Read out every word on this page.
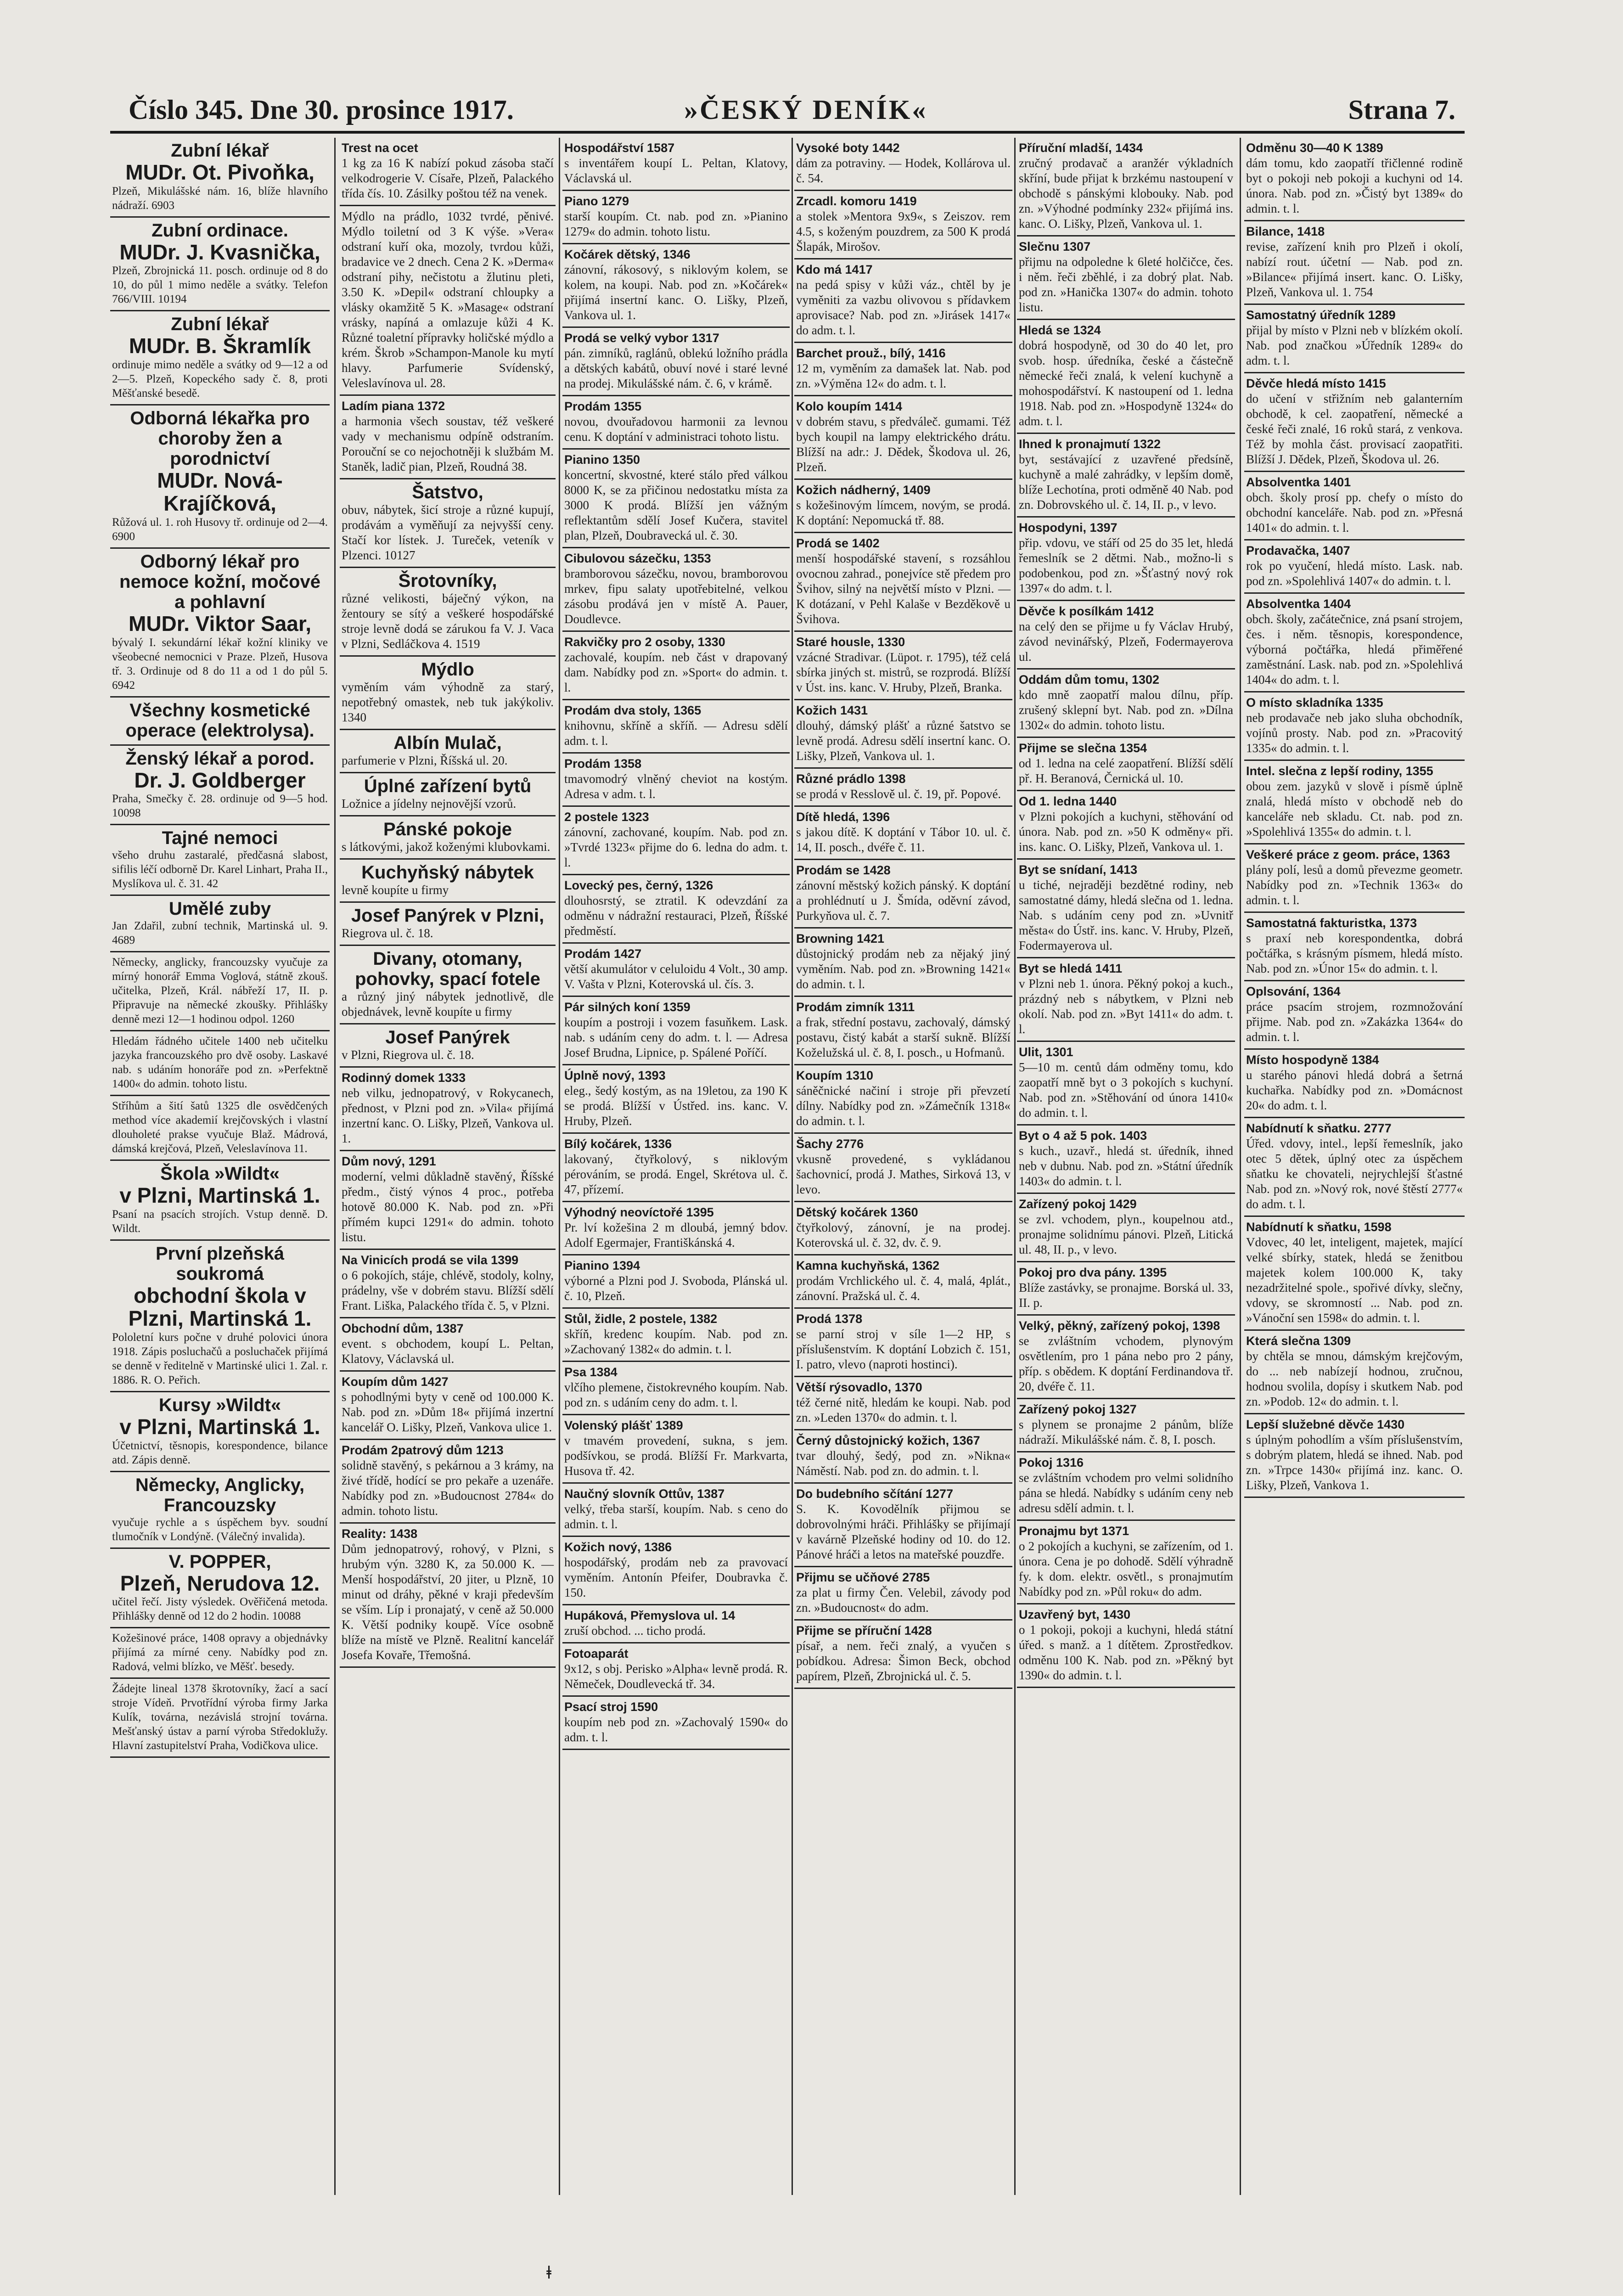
Číslo 345. Dne 30. prosince 1917.	»ČESKÝ DENÍK«	Strana 7.
Zubní lékař
MUDr. Ot. Pivoňka,
Plzeň, Mikulášské nám. 16, blíže hlavního nádraží. 6903
Zubní ordinace.
MUDr. J. Kvasnička,
Plzeň, Zbrojnická 11. posch. ordinuje od 8 do 10, do půl 1 mimo neděle a svátky. Telefon 766/VIII. 10194
Zubní lékař
MUDr. B. Škramlík
ordinuje mimo neděle a svátky od 9—12 a od 2—5. Plzeň, Kopeckého sady č. 8, proti Měšťanské besedě.
Odborná lékařka pro choroby žen a porodnictví
MUDr. Nová-Krajíčková,
Růžová ul. 1. roh Husovy tř. ordinuje od 2—4. 6900
Odborný lékař pro nemoce kožní, močové a pohlavní
MUDr. Viktor Saar,
bývalý I. sekundární lékař kožní kliniky ve všeobecné nemocnici v Praze. Plzeň, Husova tř. 3. Ordinuje od 8 do 11 a od 1 do půl 5. 6942
Všechny kosmetické operace (elektrolysa).
Ženský lékař a porod.
Dr. J. Goldberger
Praha, Smečky č. 28. ordinuje od 9—5 hod. 10098
Tajné nemoci
všeho druhu zastaralé, předčasná slabost, sifilis léčí odborně Dr. Karel Linhart, Praha II., Myslíkova ul. č. 31. 42
Umělé zuby
Jan Zdařil, zubní technik, Martinská ul. 9. 4689
Německy, anglicky, francouzsky vyučuje za mírný honorář Emma Voglová, státně zkouš. učitelka, Plzeň, Král. nábřeží 17, II. p. Připravuje na německé zkoušky. Přihlášky denně mezi 12—1 hodinou odpol. 1260
Hledám řádného učitele 1400 neb učitelku jazyka francouzského pro dvě osoby. Laskavé nab. s udáním honoráře pod zn. »Perfektně 1400« do admin. tohoto listu.
Stříhům a šití šatů 1325 dle osvědčených method více akademií krejčovských i vlastní dlouholeté prakse vyučuje Blaž. Mádrová, dámská krejčová, Plzeň, Veleslavínova 11.
Škola »Wildt«
v Plzni, Martinská 1.
Psaní na psacích strojích. Vstup denně. D. Wildt.
První plzeňská soukromá
obchodní škola v Plzni, Martinská 1.
Pololetní kurs počne v druhé polovici února 1918. Zápis posluchačů a posluchaček přijímá se denně v ředitelně v Martinské ulici 1. Zal. r. 1886. R. O. Peřich.
Kursy »Wildt«
v Plzni, Martinská 1.
Účetnictví, těsnopis, korespondence, bilance atd. Zápis denně.
Německy, Anglicky, Francouzsky
vyučuje rychle a s úspěchem byv. soudní tlumočník v Londýně. (Válečný invalida).
V. POPPER,
Plzeň, Nerudova 12.
učitel řečí. Jisty výsledek. Ověřičená metoda. Přihlášky denně od 12 do 2 hodin. 10088
Kožešinové práce, 1408 opravy a objednávky přijímá za mírné ceny. Nabídky pod zn. Radová, velmi blízko, ve Měšť. besedy.
Žádejte lineal 1378 škrotovníky, žací a sací stroje Vídeň. Prvotřídní výroba firmy Jarka Kulík, továrna, nezávislá strojní továrna. Mešťanský ústav a parní výroba Středoklužy. Hlavní zastupitelství Praha, Vodičkova ulice.
Trest na ocet
1 kg za 16 K nabízí pokud zásoba stačí velkodrogerie V. Císaře, Plzeň, Palackého třída čís. 10. Zásilky poštou též na venek.
Mýdlo na prádlo, 1032 tvrdé, pěnivé. Mýdlo toiletní od 3 K výše. »Vera« odstraní kuří oka, mozoly, tvrdou kůži, bradavice ve 2 dnech. Cena 2 K. »Derma« odstraní pihy, nečistotu a žlutinu pleti, 3.50 K. »Depil« odstraní chloupky a vlásky okamžitě 5 K. »Masage« odstraní vrásky, napíná a omlazuje kůži 4 K. Různé toaletní přípravky holičské mýdlo a krém. Škrob »Schampon-Manole ku mytí hlavy. Parfumerie Svídenský, Veleslavínova ul. 28.
Ladím piana 1372
a harmonia všech soustav, též veškeré vady v mechanismu odpíně odstraním. Porouční se co nejochotněji k službám M. Staněk, ladič pian, Plzeň, Roudná 38.
Šatstvo,
obuv, nábytek, šicí stroje a různé kupují, prodávám a vyměňují za nejvyšší ceny. Stačí kor lístek. J. Tureček, veteník v Plzenci. 10127
Šrotovníky,
různé velikosti, báječný výkon, na žentoury se sítý a veškeré hospodářské stroje levně dodá se zárukou fa V. J. Vaca v Plzni, Sedláčkova 4. 1519
Mýdlo
vyměním vám výhodně za starý, nepotřebný omastek, neb tuk jakýkoliv. 1340
Albín Mulač,
parfumerie v Plzni, Říšská ul. 20.
Úplné zařízení bytů
Ložnice a jídelny nejnovější vzorů.
Pánské pokoje
s látkovými, jakož koženými klubovkami.
Kuchyňský nábytek
levně koupíte u firmy
Josef Panýrek v Plzni,
Riegrova ul. č. 18.
Divany, otomany, pohovky, spací fotele
a různý jiný nábytek jednotlivě, dle objednávek, levně koupíte u firmy
Josef Panýrek
v Plzni, Riegrova ul. č. 18.
Rodinný domek 1333
neb vilku, jednopatrový, v Rokycanech, přednost, v Plzni pod zn. »Vila« přijímá inzertní kanc. O. Lišky, Plzeň, Vankova ul. 1.
Dům nový, 1291
moderní, velmi důkladně stavěný, Říšské předm., čistý výnos 4 proc., potřeba hotově 80.000 K. Nab. pod zn. »Při přímém kupci 1291« do admin. tohoto listu.
Na Vinicích prodá se vila 1399
o 6 pokojích, stáje, chlévě, stodoly, kolny, prádelny, vše v dobrém stavu. Blížší sdělí Frant. Liška, Palackého třída č. 5, v Plzni.
Obchodní dům, 1387
event. s obchodem, koupí L. Peltan, Klatovy, Václavská ul.
Koupím dům 1427
s pohodlnými byty v ceně od 100.000 K. Nab. pod zn. »Dům 18« přijímá inzertní kancelář O. Lišky, Plzeň, Vankova ulice 1.
Prodám 2patrový dům 1213
solidně stavěný, s pekárnou a 3 krámy, na živé třídě, hodící se pro pekaře a uzenáře. Nabídky pod zn. »Budoucnost 2784« do admin. tohoto listu.
Reality: 1438
Dům jednopatrový, rohový, v Plzni, s hrubým výn. 3280 K, za 50.000 K. — Menší hospodářství, 20 jiter, u Plzně, 10 minut od dráhy, pěkné v kraji především se vším. Líp i pronajatý, v ceně až 50.000 K. Větší podniky koupě. Více osobně blíže na místě ve Plzně. Realitní kancelář Josefa Kovaře, Třemošná.
Hospodářství 1587
s inventářem koupí L. Peltan, Klatovy, Václavská ul.
Piano 1279
starší koupím. Ct. nab. pod zn. »Pianino 1279« do admin. tohoto listu.
Kočárek dětský, 1346
zánovní, rákosový, s niklovým kolem, se kolem, na koupi. Nab. pod zn. »Kočárek« přijímá insertní kanc. O. Lišky, Plzeň, Vankova ul. 1.
Prodá se velký vybor 1317
pán. zimníků, raglánů, oblekú ložního prádla a dětských kabátů, obuví nové i staré levné na prodej. Mikulášské nám. č. 6, v krámě.
Prodám 1355
novou, dvouřadovou harmonii za levnou cenu. K doptání v administraci tohoto listu.
Pianino 1350
koncertní, skvostné, které stálo před válkou 8000 K, se za přičinou nedostatku místa za 3000 K prodá. Blížší jen vážným reflektantům sdělí Josef Kučera, stavitel plan, Plzeň, Doubravecká ul. č. 30.
Cibulovou sázečku, 1353
bramborovou sázečku, novou, bramborovou mrkev, fipu salaty upotřebitelné, velkou zásobu prodává jen v místě A. Pauer, Doudlevce.
Rakvičky pro 2 osoby, 1330
zachovalé, koupím. neb část v drapovaný dam. Nabídky pod zn. »Sport« do admin. t. l.
Prodám dva stoly, 1365
knihovnu, skříně a skříň. — Adresu sdělí adm. t. l.
Prodám 1358
tmavomodrý vlněný cheviot na kostým. Adresa v adm. t. l.
2 postele 1323
zánovní, zachované, koupím. Nab. pod zn. »Tvrdé 1323« přijme do 6. ledna do adm. t. l.
Lovecký pes, černý, 1326
dlouhosrstý, se ztratil. K odevzdání za odměnu v nádražní restauraci, Plzeň, Říšské předměstí.
Prodám 1427
větší akumulátor v celuloidu 4 Volt., 30 amp. V. Vašta v Plzni, Koterovská ul. čís. 3.
Pár silných koní 1359
koupím a postroji i vozem fasuňkem. Lask. nab. s udáním ceny do adm. t. l. — Adresa Josef Brudna, Lipnice, p. Spálené Poříčí.
Úplně nový, 1393
eleg., šedý kostým, as na 19letou, za 190 K se prodá. Blížší v Ústřed. ins. kanc. V. Hruby, Plzeň.
Bílý kočárek, 1336
lakovaný, čtyřkolový, s niklovým pérováním, se prodá. Engel, Skrétova ul. č. 47, přízemí.
Výhodný neovíctořé 1395
Pr. lví kožešina 2 m dloubá, jemný bdov. Adolf Egermajer, Františkánská 4.
Pianino 1394
výborné a Plzni pod J. Svoboda, Plánská ul. č. 10, Plzeň.
Stůl, židle, 2 postele, 1382
skříň, kredenc koupím. Nab. pod zn. »Zachovaný 1382« do admin. t. l.
Psa 1384
vlčího plemene, čistokrevného koupím. Nab. pod zn. s udáním ceny do adm. t. l.
Volenský plášť 1389
v tmavém provedení, sukna, s jem. podšívkou, se prodá. Blížší Fr. Markvarta, Husova tř. 42.
Naučný slovník Ottův, 1387
velký, třeba starší, koupím. Nab. s ceno do admin. t. l.
Kožich nový, 1386
hospodářský, prodám neb za pravovací vyměním. Antonín Pfeifer, Doubravka č. 150.
Hupáková, Přemyslova ul. 14
zruší obchod. ... ticho prodá.
Fotoaparát
9x12, s obj. Perisko »Alpha« levně prodá. R. Němeček, Doudlevecká tř. 34.
Psací stroj 1590
koupím neb pod zn. »Zachovalý 1590« do adm. t. l.
Vysoké boty 1442
dám za potraviny. — Hodek, Kollárova ul. č. 54.
Zrcadl. komoru 1419
a stolek »Mentora 9x9«, s Zeiszov. rem 4.5, s koženým pouzdrem, za 500 K prodá Šlapák, Mirošov.
Kdo má 1417
na pedá spisy v kůži váz., chtěl by je vyměniti za vazbu olivovou s přídavkem aprovisace? Nab. pod zn. »Jirásek 1417« do adm. t. l.
Barchet prouž., bílý, 1416
12 m, vyměním za damašek lat. Nab. pod zn. »Výměna 12« do adm. t. l.
Kolo koupím 1414
v dobrém stavu, s předváleč. gumami. Též bych koupil na lampy elektrického drátu. Blížší na adr.: J. Dědek, Škodova ul. 26, Plzeň.
Kožich nádherný, 1409
s kožešinovým límcem, novým, se prodá. K doptání: Nepomucká tř. 88.
Prodá se 1402
menší hospodářské stavení, s rozsáhlou ovocnou zahrad., ponejvíce stě předem pro Švihov, silný na největší místo v Plzni. — K dotázaní, v Pehl Kalaše v Bezděkově u Švihova.
Staré housle, 1330
vzácné Stradivar. (Lüpot. r. 1795), též celá sbírka jiných st. mistrů, se rozprodá. Blížší v Úst. ins. kanc. V. Hruby, Plzeň, Branka.
Kožich 1431
dlouhý, dámský plášť a různé šatstvo se levně prodá. Adresu sdělí insertní kanc. O. Lišky, Plzeň, Vankova ul. 1.
Různé prádlo 1398
se prodá v Resslově ul. č. 19, př. Popové.
Dítě hledá, 1396
s jakou dítě. K doptání v Tábor 10. ul. č. 14, II. posch., dvéře č. 11.
Prodám se 1428
zánovní městský kožich pánský. K doptání a prohlédnutí u J. Šmída, oděvní závod, Purkyňova ul. č. 7.
Browning 1421
důstojnický prodám neb za nějaký jiný vyměním. Nab. pod zn. »Browning 1421« do admin. t. l.
Prodám zimník 1311
a frak, střední postavu, zachovalý, dámský postavu, čistý kabát a starší sukně. Blížší Koželužská ul. č. 8, I. posch., u Hofmanů.
Koupím 1310
sáněčnické načiní i stroje při převzetí dílny. Nabídky pod zn. »Zámečník 1318« do admin. t. l.
Šachy 2776
vkusně provedené, s vykládanou šachovnicí, prodá J. Mathes, Sirková 13, v levo.
Dětský kočárek 1360
čtyřkolový, zánovní, je na prodej. Koterovská ul. č. 32, dv. č. 9.
Kamna kuchyňská, 1362
prodám Vrchlického ul. č. 4, malá, 4plát., zánovní. Pražská ul. č. 4.
Prodá 1378
se parní stroj v síle 1—2 HP, s příslušenstvím. K doptání Lobzich č. 151, I. patro, vlevo (naproti hostinci).
Větší rýsovadlo, 1370
též černé nitě, hledám ke koupi. Nab. pod zn. »Leden 1370« do admin. t. l.
Černý důstojnický kožich, 1367
tvar dlouhý, šedý, pod zn. »Nikna« Náměstí. Nab. pod zn. do admin. t. l.
Do budebního sčítání 1277
S. K. Kovodělník přijmou se dobrovolnými hráči. Přihlášky se přijímají v kavárně Plzeňské hodiny od 10. do 12. Pánové hráči a letos na mateřské pouzdře.
Přijmu se učňové 2785
za plat u firmy Čen. Velebil, závody pod zn. »Budoucnost« do adm.
Přijme se příruční 1428
písař, a nem. řeči znalý, a vyučen s pobídkou. Adresa: Šimon Beck, obchod papírem, Plzeň, Zbrojnická ul. č. 5.
Příruční mladší, 1434
zručný prodavač a aranžér výkladních skříní, bude přijat k brzkému nastoupení v obchodě s pánskými klobouky. Nab. pod zn. »Výhodné podmínky 232« přijímá ins. kanc. O. Lišky, Plzeň, Vankova ul. 1.
Slečnu 1307
přijmu na odpoledne k 6leté holčičce, čes. i něm. řeči zběhlé, i za dobrý plat. Nab. pod zn. »Hanička 1307« do admin. tohoto listu.
Hledá se 1324
dobrá hospodyně, od 30 do 40 let, pro svob. hosp. úředníka, české a částečně německé řeči znalá, k velení kuchyně a mohospodářství. K nastoupení od 1. ledna 1918. Nab. pod zn. »Hospodyně 1324« do adm. t. l.
Ihned k pronajmutí 1322
byt, sestávající z uzavřené předsíně, kuchyně a malé zahrádky, v lepším domě, blíže Lechotína, proti odměně 40 Nab. pod zn. Dobrovského ul. č. 14, II. p., v levo.
Hospodyni, 1397
přip. vdovu, ve stáří od 25 do 35 let, hledá řemeslník se 2 dětmi. Nab., možno-li s podobenkou, pod zn. »Šťastný nový rok 1397« do adm. t. l.
Děvče k posílkám 1412
na celý den se přijme u fy Václav Hrubý, závod nevinářský, Plzeň, Fodermayerova ul.
Oddám dům tomu, 1302
kdo mně zaopatří malou dílnu, příp. zrušený sklepní byt. Nab. pod zn. »Dílna 1302« do admin. tohoto listu.
Přijme se slečna 1354
od 1. ledna na celé zaopatření. Blížší sdělí př. H. Beranová, Černická ul. 10.
Od 1. ledna 1440
v Plzni pokojích a kuchyni, stěhování od února. Nab. pod zn. »50 K odměny« při. ins. kanc. O. Lišky, Plzeň, Vankova ul. 1.
Byt se snídaní, 1413
u tiché, nejraději bezdětné rodiny, neb samostatné dámy, hledá slečna od 1. ledna. Nab. s udáním ceny pod zn. »Uvnitř města« do Ústř. ins. kanc. V. Hruby, Plzeň, Fodermayerova ul.
Byt se hledá 1411
v Plzni neb 1. února. Pěkný pokoj a kuch., prázdný neb s nábytkem, v Plzni neb okolí. Nab. pod zn. »Byt 1411« do adm. t. l.
Ulit, 1301
5—10 m. centů dám odměny tomu, kdo zaopatří mně byt o 3 pokojích s kuchyní. Nab. pod zn. »Stěhování od února 1410« do admin. t. l.
Byt o 4 až 5 pok. 1403
s kuch., uzavř., hledá st. úředník, ihned neb v dubnu. Nab. pod zn. »Státní úředník 1403« do admin. t. l.
Zařízený pokoj 1429
se zvl. vchodem, plyn., koupelnou atd., pronajme solidnímu pánovi. Plzeň, Litická ul. 48, II. p., v levo.
Pokoj pro dva pány. 1395
Blíže zastávky, se pronajme. Borská ul. 33, II. p.
Velký, pěkný, zařízený pokoj, 1398
se zvláštním vchodem, plynovým osvětlením, pro 1 pána nebo pro 2 pány, příp. s obědem. K doptání Ferdinandova tř. 20, dvéře č. 11.
Zařízený pokoj 1327
s plynem se pronajme 2 pánům, blíže nádraží. Mikulášské nám. č. 8, I. posch.
Pokoj 1316
se zvláštním vchodem pro velmi solidního pána se hledá. Nabídky s udáním ceny neb adresu sdělí admin. t. l.
Pronajmu byt 1371
o 2 pokojích a kuchyni, se zařízením, od 1. února. Cena je po dohodě. Sdělí výhradně fy. k dom. elektr. osvětl., s pronajmutím Nabídky pod zn. »Půl roku« do adm.
Uzavřený byt, 1430
o 1 pokoji, pokoji a kuchyni, hledá státní úřed. s manž. a 1 dítětem. Zprostředkov. odměnu 100 K. Nab. pod zn. »Pěkný byt 1390« do admin. t. l.
Odměnu 30—40 K 1389
dám tomu, kdo zaopatří třičlenné rodině byt o pokoji neb pokoji a kuchyni od 14. února. Nab. pod zn. »Čistý byt 1389« do admin. t. l.
Bilance, 1418
revise, zařízení knih pro Plzeň i okolí, nabízí rout. účetní — Nab. pod zn. »Bilance« přijímá insert. kanc. O. Lišky, Plzeň, Vankova ul. 1. 754
Samostatný úředník 1289
přijal by místo v Plzni neb v blízkém okolí. Nab. pod značkou »Úředník 1289« do adm. t. l.
Děvče hledá místo 1415
do učení v střižním neb galanterním obchodě, k cel. zaopatření, německé a české řeči znalé, 16 roků stará, z venkova. Též by mohla část. provisací zaopatřiti. Blížší J. Dědek, Plzeň, Škodova ul. 26.
Absolventka 1401
obch. školy prosí pp. chefy o místo do obchodní kanceláře. Nab. pod zn. »Přesná 1401« do admin. t. l.
Prodavačka, 1407
rok po vyučení, hledá místo. Lask. nab. pod zn. »Spolehlivá 1407« do admin. t. l.
Absolventka 1404
obch. školy, začátečnice, zná psaní strojem, čes. i něm. těsnopis, korespondence, výborná počtářka, hledá přiměřené zaměstnání. Lask. nab. pod zn. »Spolehlivá 1404« do adm. t. l.
O místo skladníka 1335
neb prodavače neb jako sluha obchodník, vojínů prosty. Nab. pod zn. »Pracovitý 1335« do admin. t. l.
Intel. slečna z lepší rodiny, 1355
obou zem. jazyků v slově i písmě úplně znalá, hledá místo v obchodě neb do kanceláře neb skladu. Ct. nab. pod zn. »Spolehlivá 1355« do admin. t. l.
Veškeré práce z geom. práce, 1363
plány polí, lesů a domů převezme geometr. Nabídky pod zn. »Technik 1363« do admin. t. l.
Samostatná fakturistka, 1373
s praxí neb korespondentka, dobrá počtářka, s krásným písmem, hledá místo. Nab. pod zn. »Únor 15« do admin. t. l.
Oplsování, 1364
práce psacím strojem, rozmnožování přijme. Nab. pod zn. »Zakázka 1364« do admin. t. l.
Místo hospodyně 1384
u starého pánovi hledá dobrá a šetrná kuchařka. Nabídky pod zn. »Domácnost 20« do adm. t. l.
Nabídnutí k sňatku. 2777
Úřed. vdovy, intel., lepší řemeslník, jako otec 5 dětek, úplný otec za úspěchem sňatku ke chovateli, nejrychlejší šťastné Nab. pod zn. »Nový rok, nové štěstí 2777« do adm. t. l.
Nabídnutí k sňatku, 1598
Vdovec, 40 let, inteligent, majetek, mající velké sbírky, statek, hledá se ženitbou majetek kolem 100.000 K, taky nezadržitelné spole., spořivé dívky, slečny, vdovy, se skromností ... Nab. pod zn. »Vánoční sen 1598« do admin. t. l.
Která slečna 1309
by chtěla se mnou, dámským krejčovým, do ... neb nabízejí hodnou, zručnou, hodnou svolila, dopísy i skutkem Nab. pod zn. »Podob. 12« do admin. t. l.
Lepší služebné děvče 1430
s úplným pohodlím a vším příslušenstvím, s dobrým platem, hledá se ihned. Nab. pod zn. »Trpce 1430« přijímá inz. kanc. O. Lišky, Plzeň, Vankova 1.
ǂ
